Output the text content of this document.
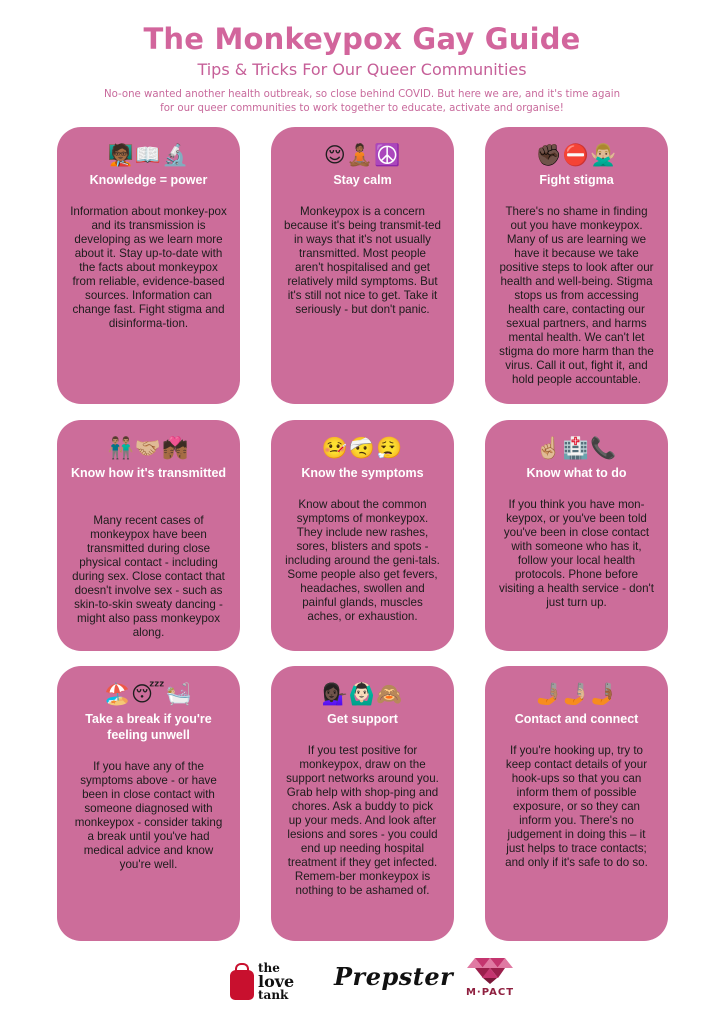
The Monkeypox Gay Guide
Tips & Tricks For Our Queer Communities

No-one wanted another health outbreak, so close behind COVID. But here we are, and it's time again
for our queer communities to work together to educate, activate and organise!

🧑🏾‍🏫📖🔬
Knowledge = power
Information about monkey-pox and its transmission is developing as we learn more about it. Stay up-to-date with the facts about monkeypox from reliable, evidence-based sources. Information can change fast. Fight stigma and disinforma-tion.
😌🧘🏾☮️
Stay calm
Monkeypox is a concern because it's being transmit-ted in ways that it's not usually transmitted. Most people aren't hospitalised and get relatively mild symptoms. But it's still not nice to get. Take it seriously - but don't panic.
✊🏿⛔🙅🏼‍♂️
Fight stigma
There's no shame in finding out you have monkeypox. Many of us are learning we have it because we take positive steps to look after our health and well-being. Stigma stops us from accessing health care, contacting our sexual partners, and harms mental health. We can't let stigma do more harm than the virus. Call it out, fight it, and hold people accountable.
👬🏽🤝🏼💏🏾
Know how it's transmitted
Many recent cases of monkeypox have been transmitted during close physical contact - including during sex. Close contact that doesn't involve sex - such as skin-to-skin sweaty dancing - might also pass monkeypox along.
🤒🤕😮‍💨
Know the symptoms
Know about the common symptoms of monkeypox. They include new rashes, sores, blisters and spots - including around the geni-tals. Some people also get fevers, headaches, swollen and painful glands, muscles aches, or exhaustion.
☝🏼🏥📞
Know what to do
If you think you have mon-keypox, or you've been told you've been in close contact with someone who has it, follow your local health protocols. Phone before visiting a health service - don't just turn up.
🏖️😴🛀🏼
Take a break if you're feeling unwell
If you have any of the symptoms above - or have been in close contact with someone diagnosed with monkeypox - consider taking a break until you've had medical advice and know you're well.
💁🏿‍♀️🙆🏻‍♂️🙈
Get support
If you test positive for monkeypox, draw on the support networks around you. Grab help with shop-ping and chores. Ask a buddy to pick up your meds. And look after lesions and sores - you could end up needing hospital treatment if they get infected. Remem-ber monkeypox is nothing to be ashamed of.
🤳🏽🤳🏼🤳🏾
Contact and connect
If you're hooking up, try to keep contact details of your hook-ups so that you can inform them of possible exposure, or so they can inform you. There's no judgement in doing this – it just helps to trace contacts; and only if it's safe to do so.
the
love
tank
Prepster
M·PACT
